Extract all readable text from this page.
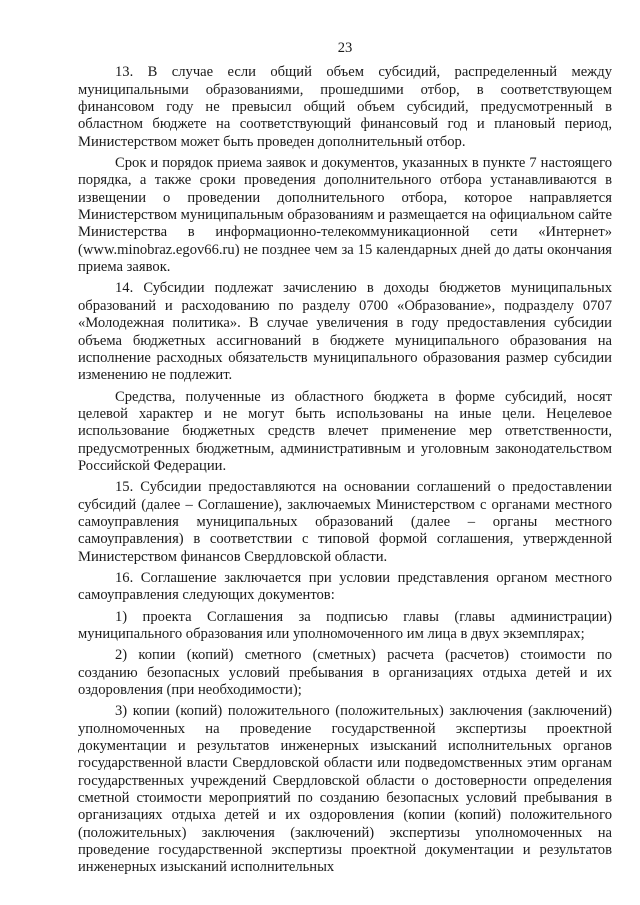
23

13. В случае если общий объем субсидий, распределенный между муниципальными образованиями, прошедшими отбор, в соответствующем финансовом году не превысил общий объем субсидий, предусмотренный в областном бюджете на соответствующий финансовый год и плановый период, Министерством может быть проведен дополнительный отбор.

Срок и порядок приема заявок и документов, указанных в пункте 7 настоящего порядка, а также сроки проведения дополнительного отбора устанавливаются в извещении о проведении дополнительного отбора, которое направляется Министерством муниципальным образованиям и размещается на официальном сайте Министерства в информационно-телекоммуникационной сети «Интернет» (www.minobraz.egov66.ru) не позднее чем за 15 календарных дней до даты окончания приема заявок.

14. Субсидии подлежат зачислению в доходы бюджетов муниципальных образований и расходованию по разделу 0700 «Образование», подразделу 0707 «Молодежная политика». В случае увеличения в году предоставления субсидии объема бюджетных ассигнований в бюджете муниципального образования на исполнение расходных обязательств муниципального образования размер субсидии изменению не подлежит.

Средства, полученные из областного бюджета в форме субсидий, носят целевой характер и не могут быть использованы на иные цели. Нецелевое использование бюджетных средств влечет применение мер ответственности, предусмотренных бюджетным, административным и уголовным законодательством Российской Федерации.

15. Субсидии предоставляются на основании соглашений о предоставлении субсидий (далее – Соглашение), заключаемых Министерством с органами местного самоуправления муниципальных образований (далее – органы местного самоуправления) в соответствии с типовой формой соглашения, утвержденной Министерством финансов Свердловской области.

16. Соглашение заключается при условии представления органом местного самоуправления следующих документов:

1) проекта Соглашения за подписью главы (главы администрации) муниципального образования или уполномоченного им лица в двух экземплярах;

2) копии (копий) сметного (сметных) расчета (расчетов) стоимости по созданию безопасных условий пребывания в организациях отдыха детей и их оздоровления (при необходимости);

3) копии (копий) положительного (положительных) заключения (заключений) уполномоченных на проведение государственной экспертизы проектной документации и результатов инженерных изысканий исполнительных органов государственной власти Свердловской области или подведомственных этим органам государственных учреждений Свердловской области о достоверности определения сметной стоимости мероприятий по созданию безопасных условий пребывания в организациях отдыха детей и их оздоровления (копии (копий) положительного (положительных) заключения (заключений) экспертизы уполномоченных на проведение государственной экспертизы проектной документации и результатов инженерных изысканий исполнительных
